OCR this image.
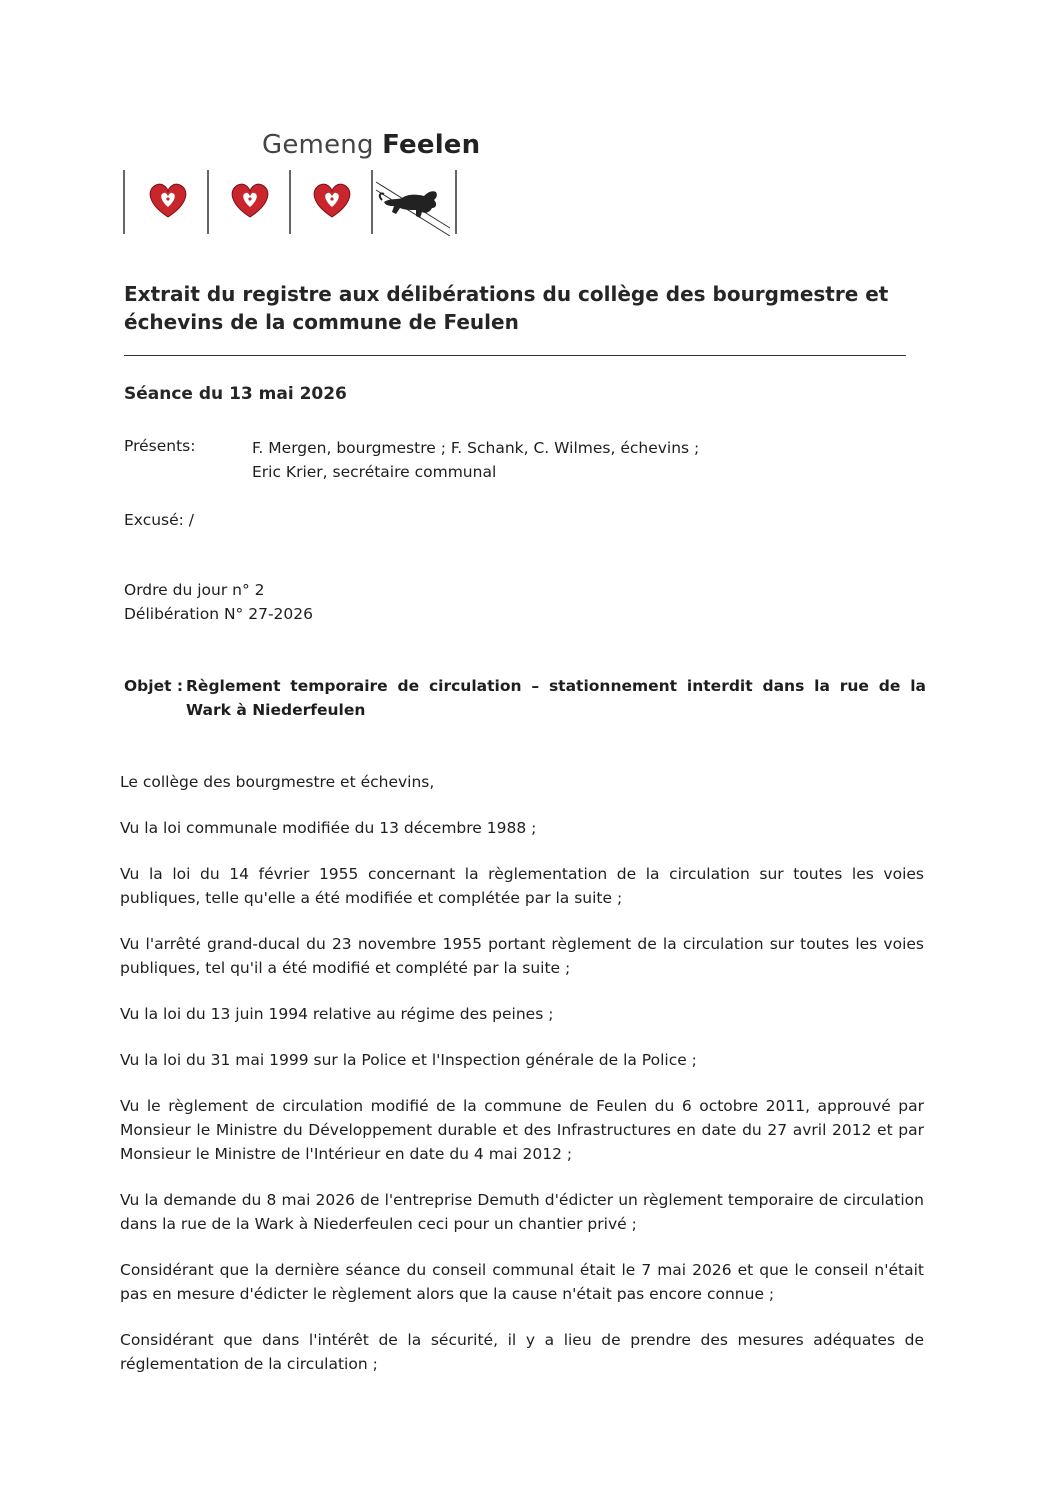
Gemeng Feelen
Extrait du registre aux délibérations du collège des bourgmestre et échevins de la commune de Feulen
Séance du 13 mai 2026
Présents:	F. Mergen, bourgmestre ; F. Schank, C. Wilmes, échevins ;
Eric Krier, secrétaire communal
Excusé: /
Ordre du jour n° 2
Délibération N° 27-2026
Objet : Règlement temporaire de circulation – stationnement interdit dans la rue de la Wark à Niederfeulen

Le collège des bourgmestre et échevins,

Vu la loi communale modifiée du 13 décembre 1988 ;

Vu la loi du 14 février 1955 concernant la règlementation de la circulation sur toutes les voies publiques, telle qu'elle a été modifiée et complétée par la suite ;

Vu l'arrêté grand-ducal du 23 novembre 1955 portant règlement de la circulation sur toutes les voies publiques, tel qu'il a été modifié et complété par la suite ;

Vu la loi du 13 juin 1994 relative au régime des peines ;

Vu la loi du 31 mai 1999 sur la Police et l'Inspection générale de la Police ;

Vu le règlement de circulation modifié de la commune de Feulen du 6 octobre 2011, approuvé par Monsieur le Ministre du Développement durable et des Infrastructures en date du 27 avril 2012 et par Monsieur le Ministre de l'Intérieur en date du 4 mai 2012 ;

Vu la demande du 8 mai 2026 de l'entreprise Demuth d'édicter un règlement temporaire de circulation dans la rue de la Wark à Niederfeulen ceci pour un chantier privé ;

Considérant que la dernière séance du conseil communal était le 7 mai 2026 et que le conseil n'était pas en mesure d'édicter le règlement alors que la cause n'était pas encore connue ;

Considérant que dans l'intérêt de la sécurité, il y a lieu de prendre des mesures adéquates de réglementation de la circulation ;
